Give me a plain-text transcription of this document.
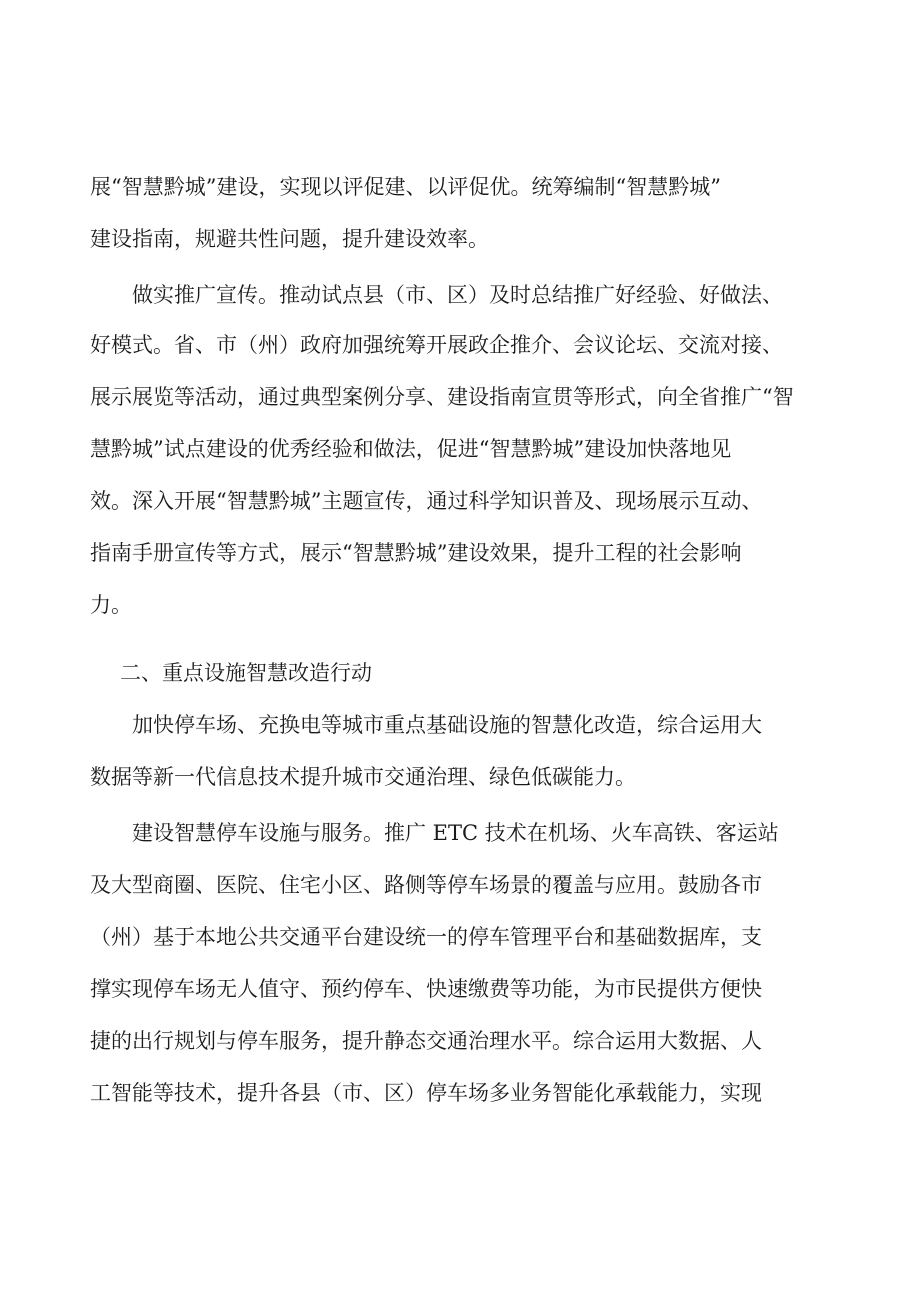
展“智慧黔城”建设，实现以评促建、以评促优。统筹编制“智慧黔城”
建设指南，规避共性问题，提升建设效率。
做实推广宣传。推动试点县（市、区）及时总结推广好经验、好做法、
好模式。省、市（州）政府加强统筹开展政企推介、会议论坛、交流对接、
展示展览等活动，通过典型案例分享、建设指南宣贯等形式，向全省推广“智
慧黔城”试点建设的优秀经验和做法，促进“智慧黔城”建设加快落地见
效。深入开展“智慧黔城”主题宣传，通过科学知识普及、现场展示互动、
指南手册宣传等方式，展示“智慧黔城”建设效果，提升工程的社会影响
力。
二、重点设施智慧改造行动
加快停车场、充换电等城市重点基础设施的智慧化改造，综合运用大
数据等新一代信息技术提升城市交通治理、绿色低碳能力。
建设智慧停车设施与服务。推广 ETC 技术在机场、火车高铁、客运站
及大型商圈、医院、住宅小区、路侧等停车场景的覆盖与应用。鼓励各市
（州）基于本地公共交通平台建设统一的停车管理平台和基础数据库，支
撑实现停车场无人值守、预约停车、快速缴费等功能，为市民提供方便快
捷的出行规划与停车服务，提升静态交通治理水平。综合运用大数据、人
工智能等技术，提升各县（市、区）停车场多业务智能化承载能力，实现
